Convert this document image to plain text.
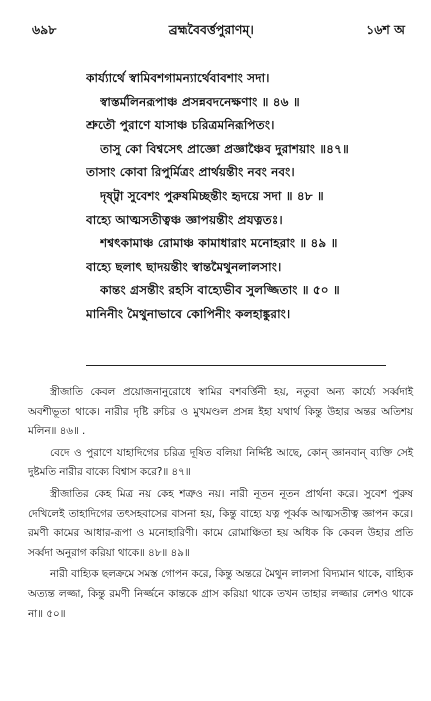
৬৯৮	ব্রহ্মবৈবর্ত্তপুরাণম্।	১৬শ অ
কার্য্যার্থে স্বামিবশগামন্যার্থেবাবশাং সদা।
স্বাস্তর্মলিনরূপাঞ্চ প্রসন্নবদনেক্ষণাং ॥ ৪৬ ॥
শ্রুতৌ পুরাণে যাসাঞ্চ চরিত্রমনিরূপিতং।
তাসু কো বিশ্বসেৎ প্রাজ্ঞো প্রজ্ঞাঞ্চৈব দুরাশয়াং ॥৪৭॥
তাসাং কোবা রিপুর্মিত্রং প্রার্থয়ন্তীং নবং নবং।
দৃষ্ট্বা সুবেশং পুরুষমিচ্ছন্তীং হৃদয়ে সদা ॥ ৪৮ ॥
বাহ্যে আত্মসতীত্বঞ্চ জ্ঞাপয়ন্তীং প্রযত্নতঃ।
শশ্বৎকামাঞ্চ রোমাঞ্চ কামাধারাং মনোহরাং ॥ ৪৯ ॥
বাহ্যে ছলাৎ ছাদয়ন্তীং স্বান্তমৈথুনলালসাং।
কান্তং গ্রসন্তীং রহসি বাহ্যেভীব সুলজ্জিতাং ॥ ৫০ ॥
মানিনীং মৈথুনাভাবে কোপিনীং কলহাঙ্কুরাং।

স্ত্রীজাতি কেবল প্রয়োজনানুরোধে স্বামির বশবর্ত্তিনী হয়, নতুবা অন্য কার্য্যে সর্ব্বদাই অবশীভূতা থাকে। নারীর দৃষ্টি রুচির ও মুখমণ্ডল প্রসন্ন ইহা যথার্থ কিন্তু উহার অন্তর অতিশয় মলিন॥ ৪৬॥ .

বেদে ও পুরাণে যাহাদিগের চরিত্র দূষিত বলিয়া নির্দ্দিষ্ট আছে, কোন্ জ্ঞানবান্ ব্যক্তি সেই দুষ্টমতি নারীর বাক্যে বিশ্বাস করে?॥ ৪৭॥

স্ত্রীজাতির কেহ মিত্র নয় কেহ শত্রুও নয়। নারী নূতন নূতন প্রার্থনা করে। সুবেশ পুরুষ দেখিলেই তাহাদিগের তৎসহবাসের বাসনা হয়, কিন্তু বাহ্যে যত্ন পূর্ব্বক আত্মসতীত্ব জ্ঞাপন করে। রমণী কামের আধার-রূপা ও মনোহারিণী। কামে রোমাঞ্চিতা হয় অধিক কি কেবল উহার প্রতি সর্ব্বদা অনুরাগ করিয়া থাকে॥ ৪৮॥ ৪৯॥

নারী বাহ্যিক ছলক্রমে সমস্ত গোপন করে, কিন্তু অন্তরে মৈথুন লালসা বিদ্যমান থাকে, বাহ্যিক অত্যন্ত লজ্জা, কিন্তু রমণী নির্জ্জনে কান্তকে গ্রাস করিয়া থাকে তখন তাহার লজ্জার লেশও থাকে না॥ ৫০॥
